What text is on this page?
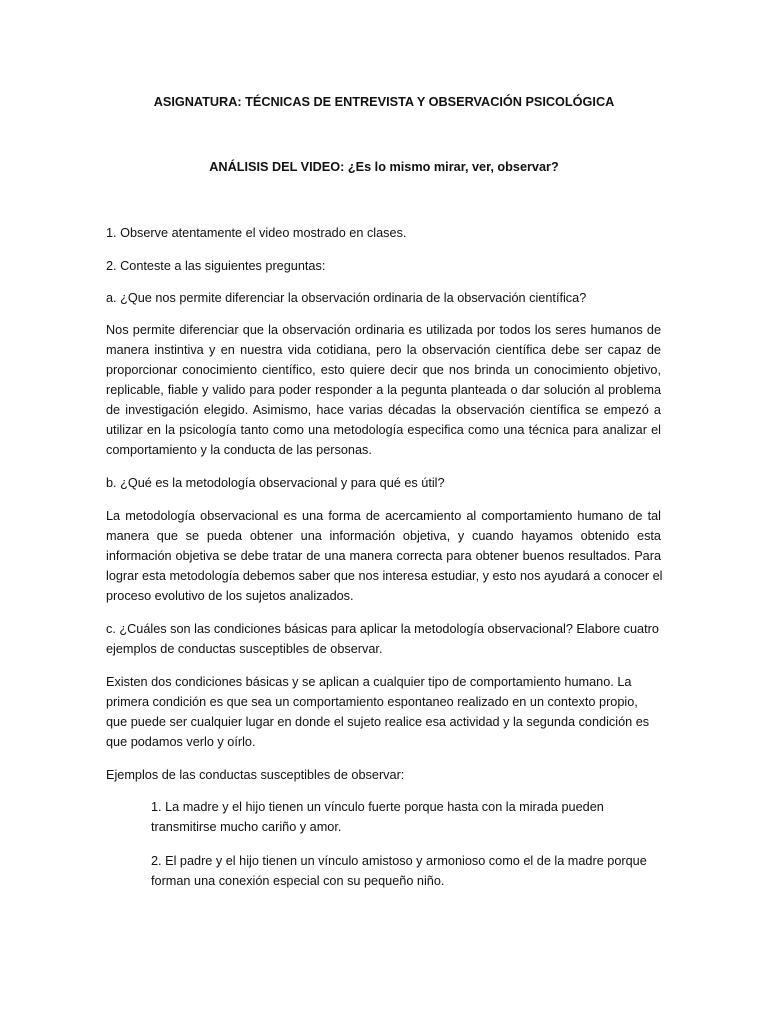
ASIGNATURA: TÉCNICAS DE ENTREVISTA Y OBSERVACIÓN PSICOLÓGICA

ANÁLISIS DEL VIDEO: ¿Es lo mismo mirar, ver, observar?

1. Observe atentamente el video mostrado en clases.

2. Conteste a las siguientes preguntas:

a. ¿Que nos permite diferenciar la observación ordinaria de la observación científica?

Nos permite diferenciar que la observación ordinaria es utilizada por todos los seres humanos de

manera instintiva y en nuestra vida cotidiana, pero la observación científica debe ser capaz de

proporcionar conocimiento científico, esto quiere decir que nos brinda un conocimiento objetivo,

replicable, fiable y valido para poder responder a la pegunta planteada o dar solución al problema

de investigación elegido. Asimismo, hace varias décadas la observación científica se empezó a

utilizar en la psicología tanto como una metodología especifica como una técnica para analizar el

comportamiento y la conducta de las personas.

b. ¿Qué es la metodología observacional y para qué es útil?

La metodología observacional es una forma de acercamiento al comportamiento humano de tal

manera que se pueda obtener una información objetiva, y cuando hayamos obtenido esta

información objetiva se debe tratar de una manera correcta para obtener buenos resultados. Para

lograr esta metodología debemos saber que nos interesa estudiar, y esto nos ayudará a conocer el

proceso evolutivo de los sujetos analizados.

c. ¿Cuáles son las condiciones básicas para aplicar la metodología observacional? Elabore cuatro

ejemplos de conductas susceptibles de observar.

Existen dos condiciones básicas y se aplican a cualquier tipo de comportamiento humano. La

primera condición es que sea un comportamiento espontaneo realizado en un contexto propio,

que puede ser cualquier lugar en donde el sujeto realice esa actividad y la segunda condición es

que podamos verlo y oírlo.

Ejemplos de las conductas susceptibles de observar:

1. La madre y el hijo tienen un vínculo fuerte porque hasta con la mirada pueden

transmitirse mucho cariño y amor.

2. El padre y el hijo tienen un vínculo amistoso y armonioso como el de la madre porque

forman una conexión especial con su pequeño niño.
